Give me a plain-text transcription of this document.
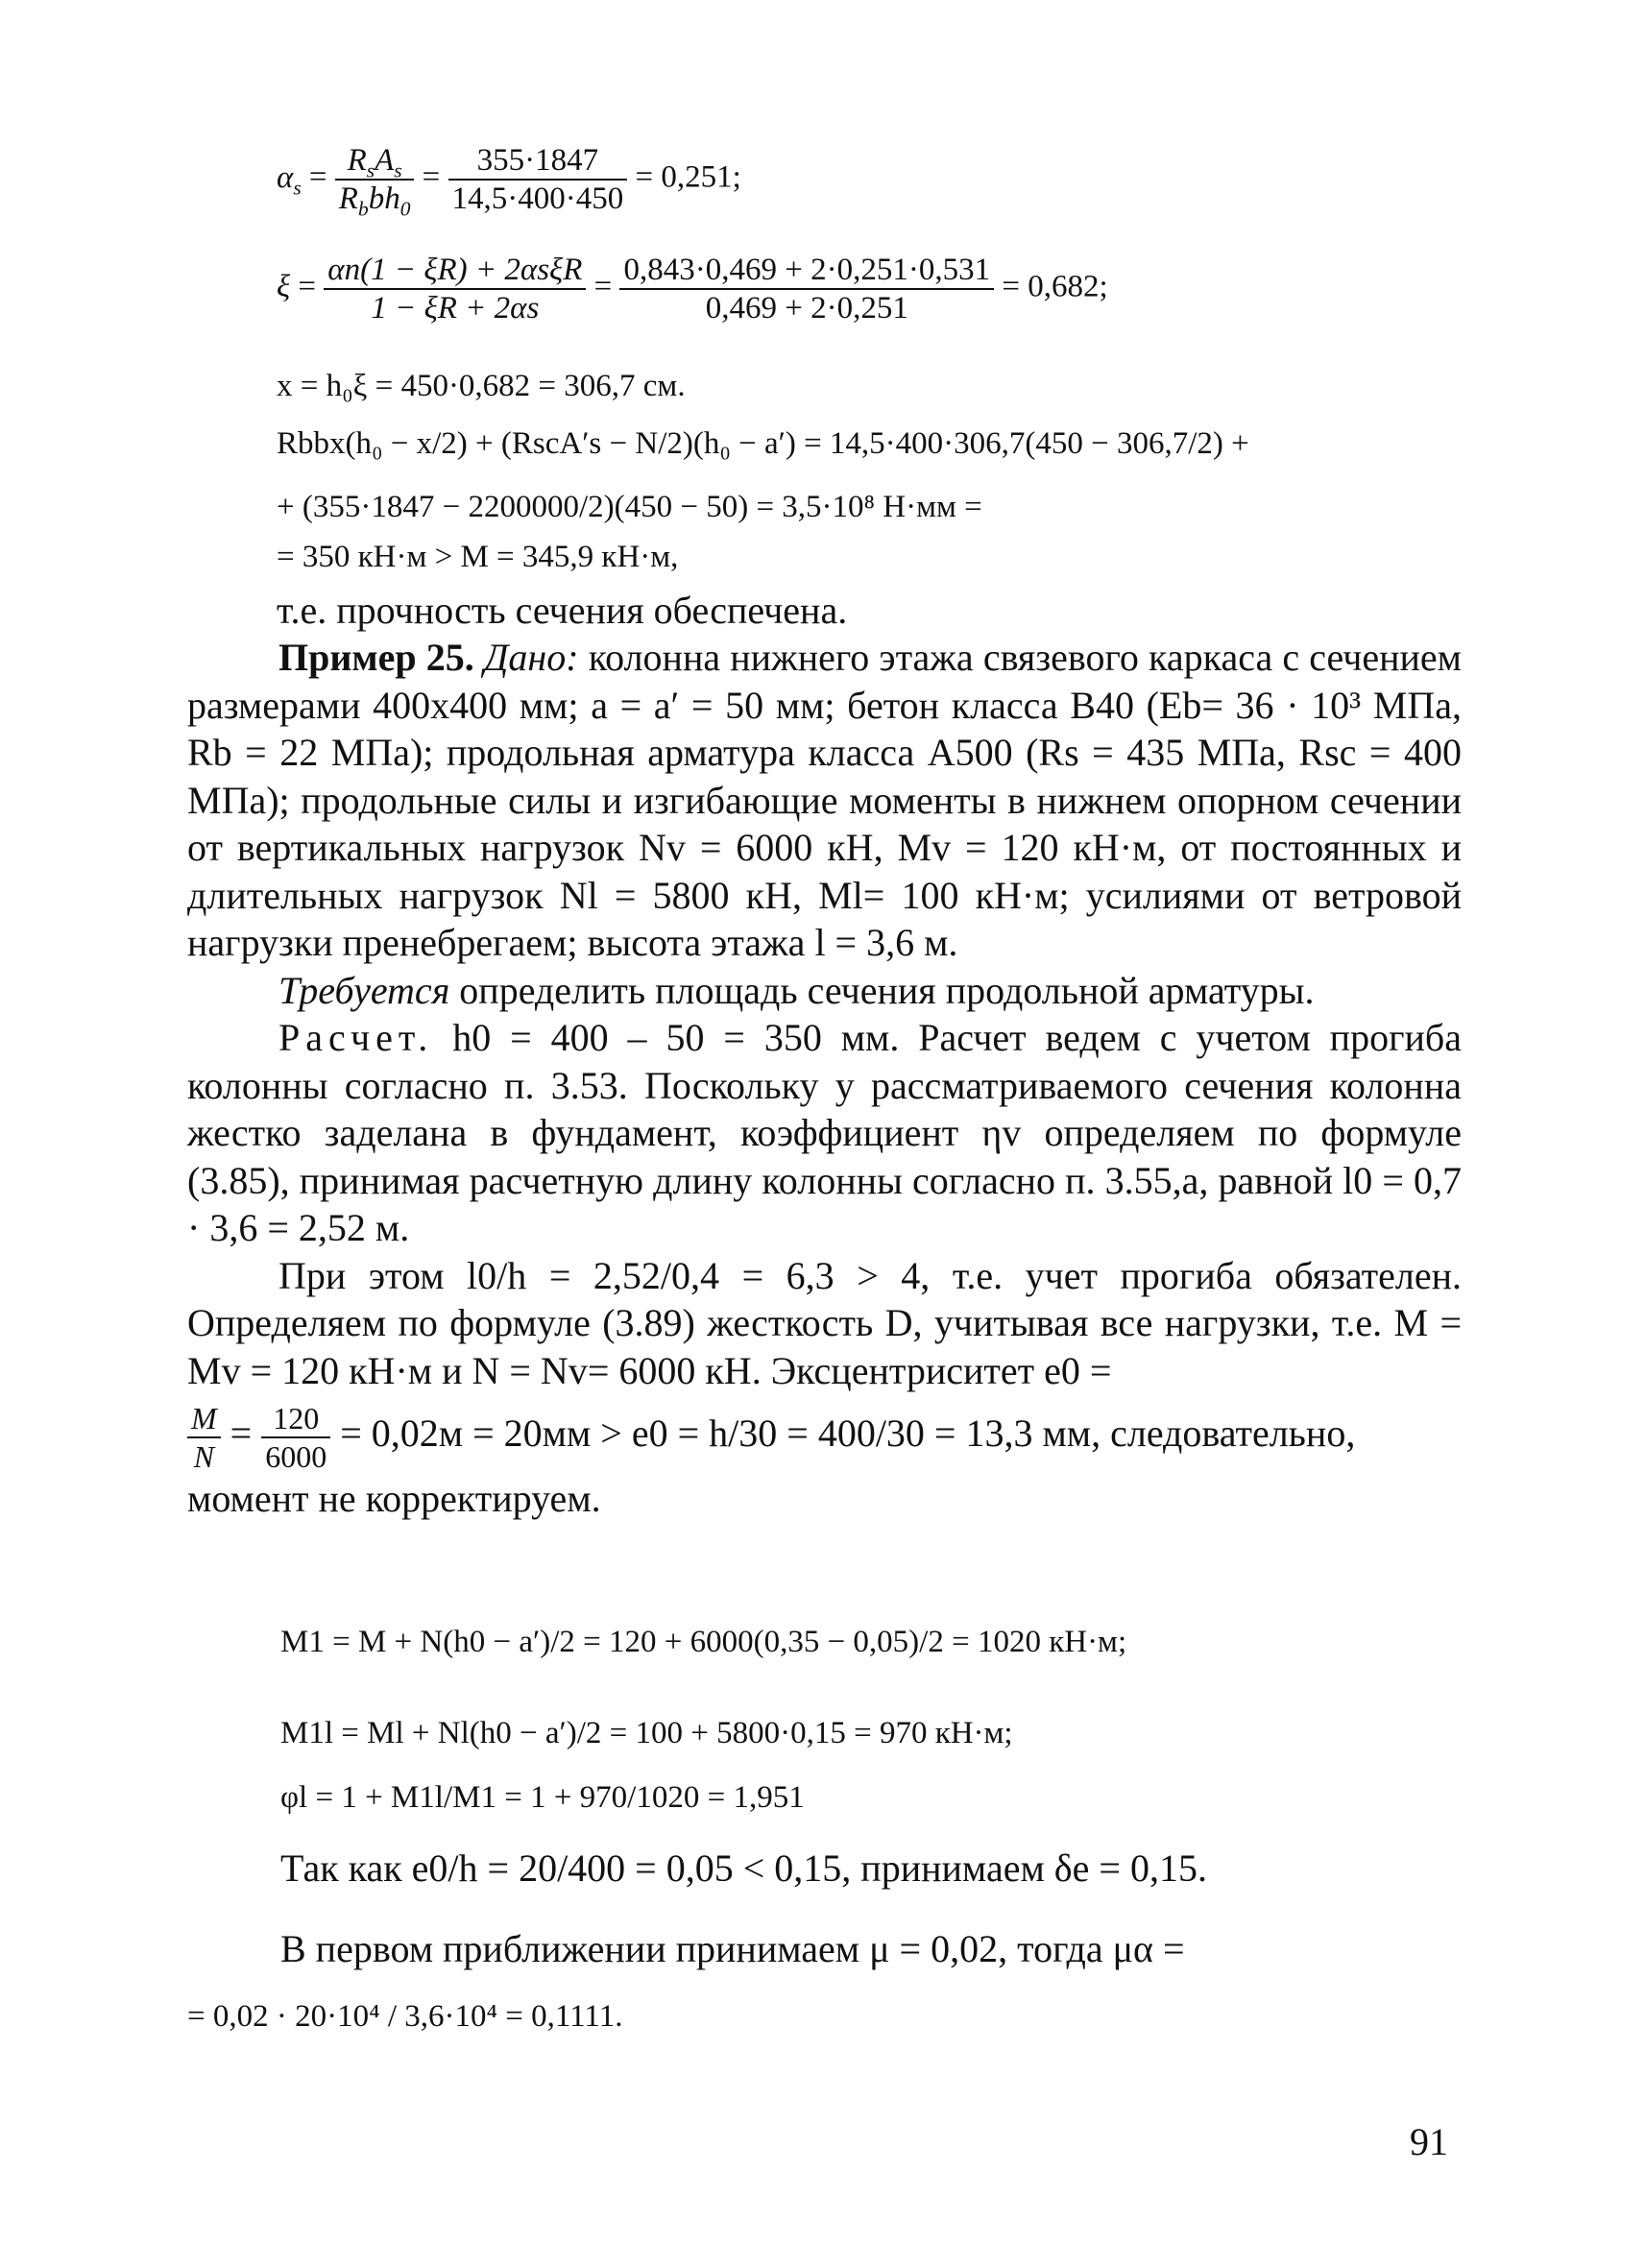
$\alpha_s = \frac{R_sA_s}{R_bbh_0} = \frac{355\cdot 1847}{14,5\cdot 400\cdot 450} = 0,251$;
$\xi = \frac{\text{αn(1 − ξR) + 2αsξR}}{1 - \xi R + 2\alpha s} = \frac{0,843\cdot 0,469 + 2\cdot 0,251\cdot 0,531}{0,469 + 2\cdot 0,251} = 0,682$;
x = h₀ξ = 450·0,682 = 306,7 см.
Rbbx(h₀ − x/2) + (RscA′s − N/2)(h₀ − a′) = 14,5·400·306,7(450 − 306,7/2) +
+ (355·1847 − 2200000/2)(450 − 50) = 3,5·10⁸ Н·мм =
= 350 кН·м > M = 345,9 кН·м,
т.е. прочность сечения обеспечена.

Пример 25. Дано: колонна нижнего этажа связевого каркаса с сечением размерами 400х400 мм; a = a′ = 50 мм; бетон класса В40 (Eb= 36 · 10³ МПа, Rb = 22 МПа); продольная арматура класса А500 (Rs = 435 МПа, Rsc = 400 МПа); продольные силы и изгибающие моменты в нижнем опорном сечении от вертикальных нагрузок Nv = 6000 кН, Mv = 120 кН·м, от постоянных и длительных нагрузок Nl = 5800 кН, Ml= 100 кН·м; усилиями от ветровой нагрузки пренебрегаем; высота этажа l = 3,6 м.

Требуется определить площадь сечения продольной арматуры.

Расчет. h0 = 400 – 50 = 350 мм. Расчет ведем с учетом прогиба колонны согласно п. 3.53. Поскольку у рассматриваемого сечения колонна жестко заделана в фундамент, коэффициент ηv определяем по формуле (3.85), принимая расчетную длину колонны согласно п. 3.55,а, равной l0 = 0,7 · 3,6 = 2,52 м.

При этом l0/h = 2,52/0,4 = 6,3 > 4, т.е. учет прогиба обязателен. Определяем по формуле (3.89) жесткость D, учитывая все нагрузки, т.е. M = Mv = 120 кН·м и N = Nv= 6000 кН. Эксцентриситет e0 =

$\frac{M}{N} = \frac{120}{6000} = 0,02м = 20мм > e0 = h/30 = 400/30 = 13,3$ мм, следовательно,

момент не корректируем.

M1 = M + N(h0 − a′)/2 = 120 + 6000(0,35 − 0,05)/2 = 1020 кН·м;
M1l = Ml + Nl(h0 − a′)/2 = 100 + 5800·0,15 = 970 кН·м;
φl = 1 + M1l/M1 = 1 + 970/1020 = 1,951
Так как e0/h = 20/400 = 0,05 < 0,15, принимаем δe = 0,15.
В первом приближении принимаем μ = 0,02, тогда μα =
= 0,02 · 20·10⁴ / 3,6·10⁴ = 0,1111.
91
